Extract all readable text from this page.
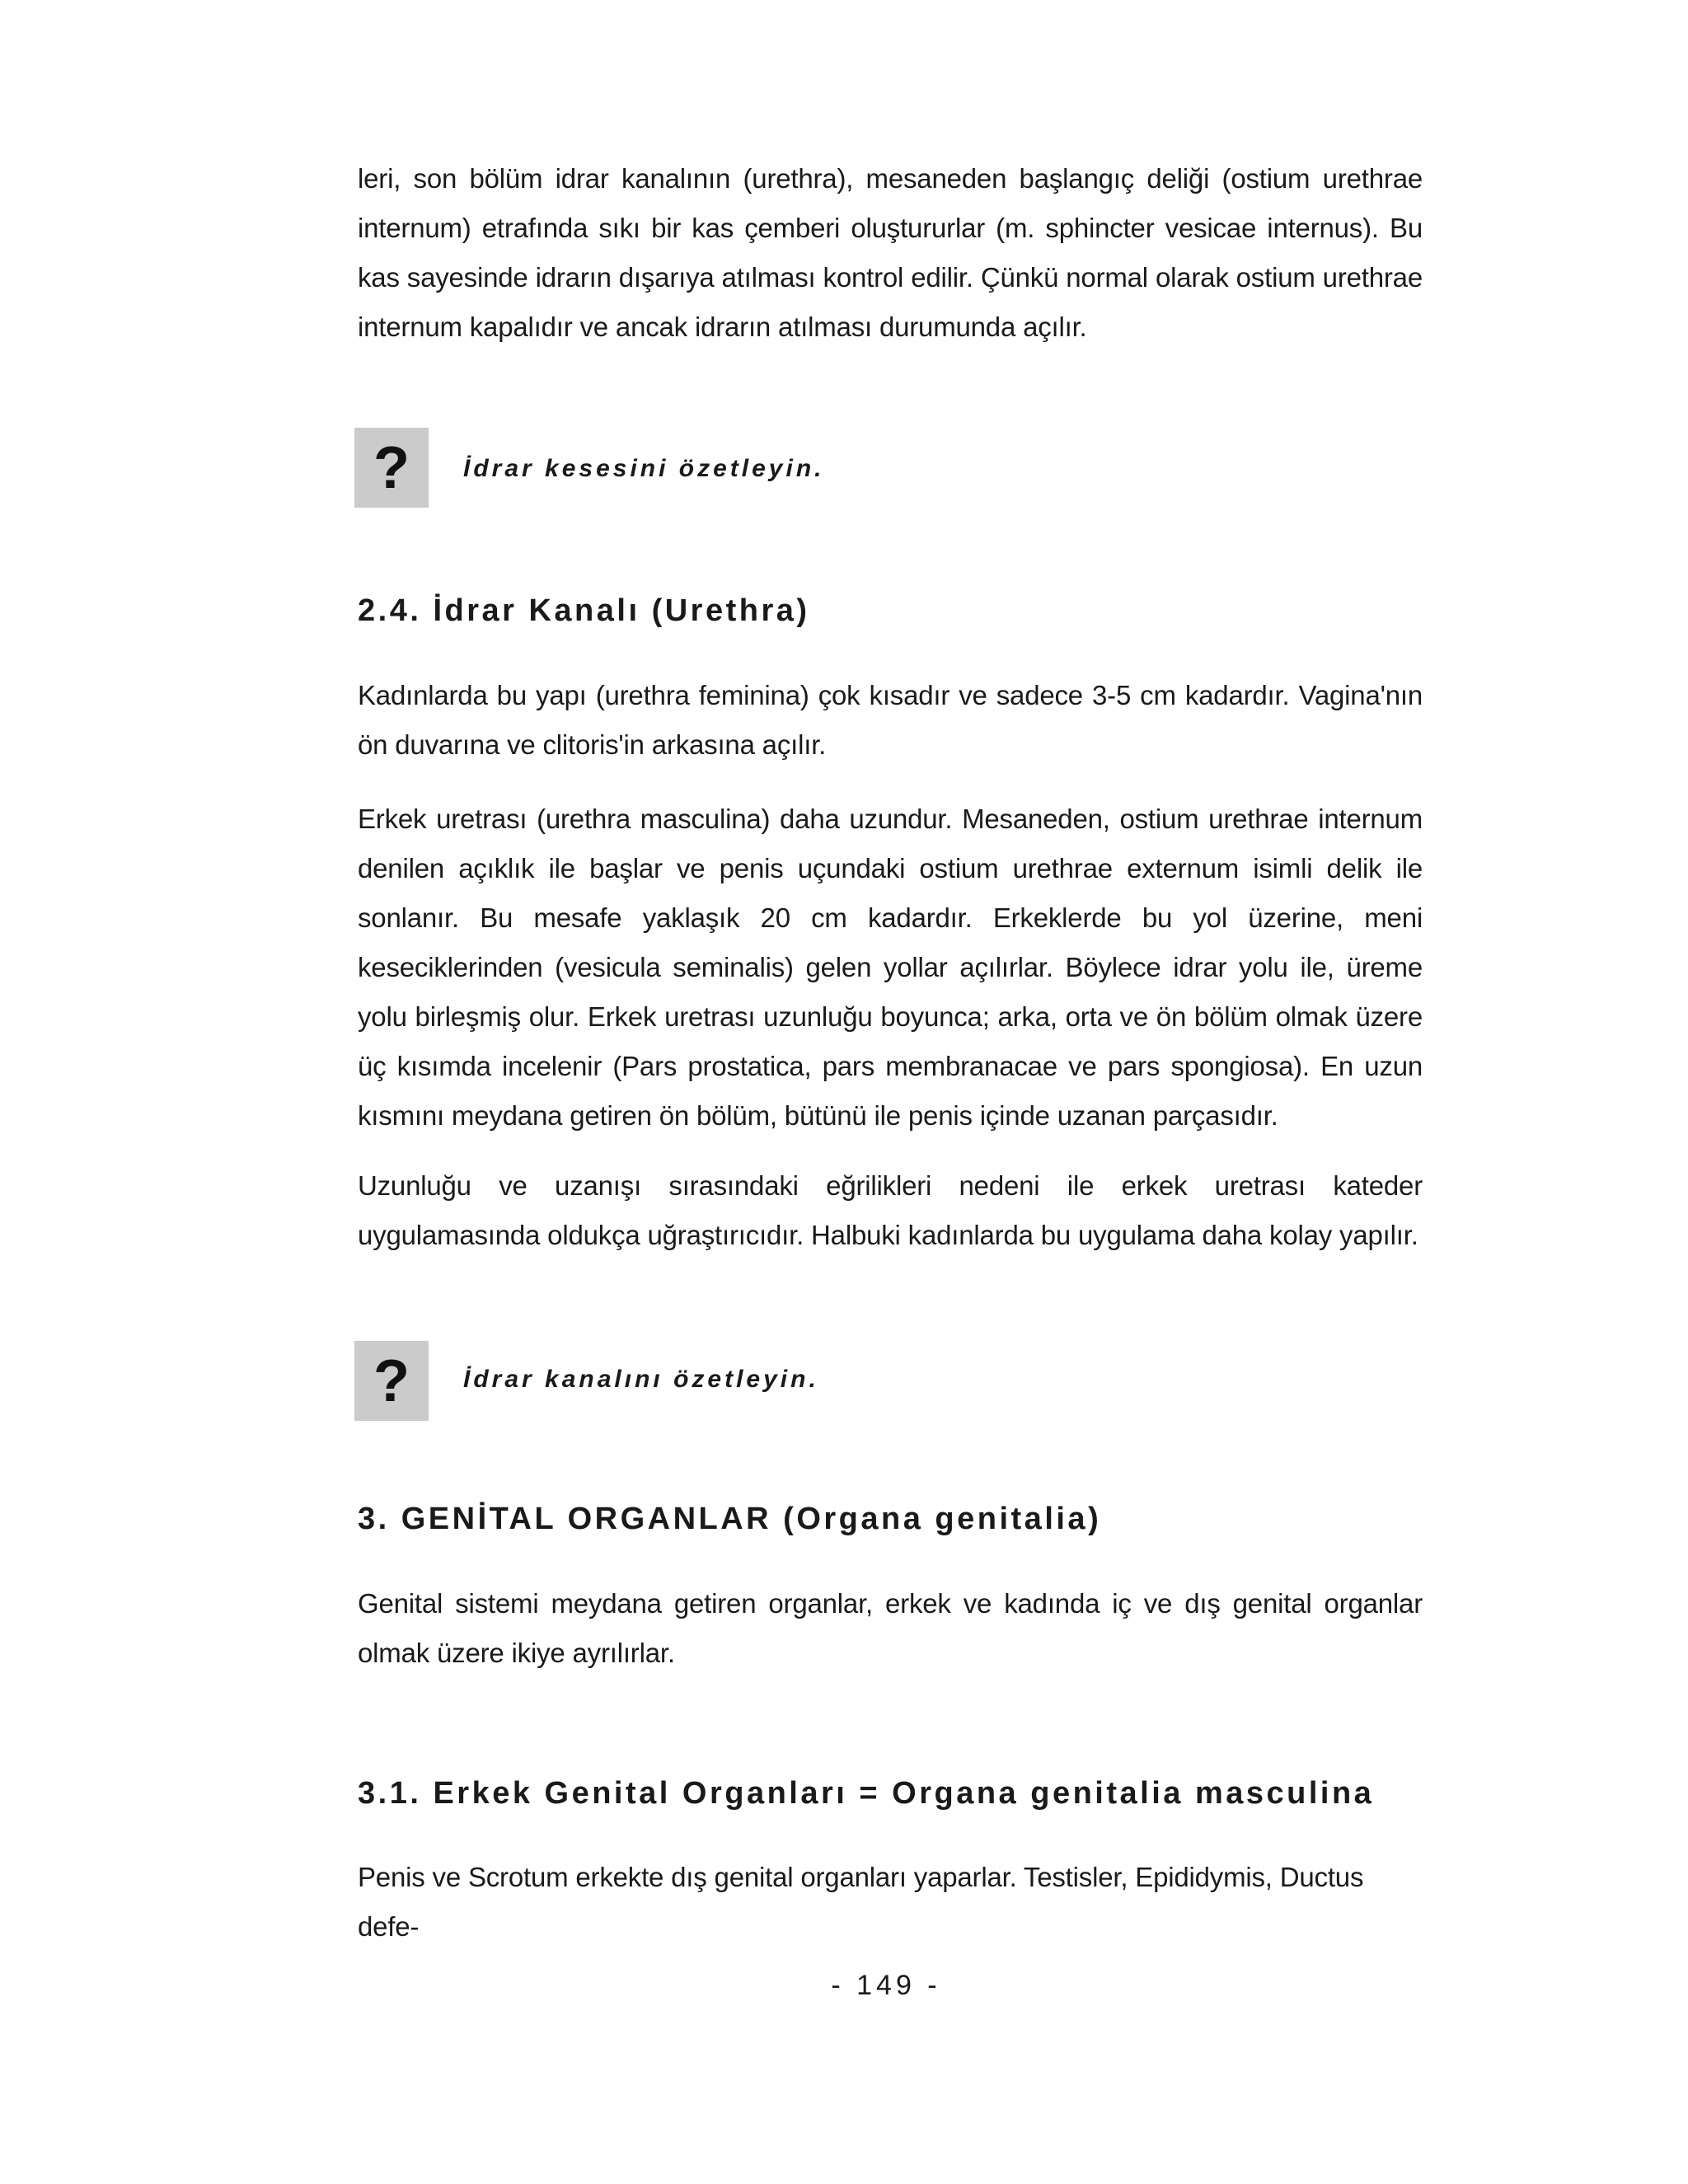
leri, son bölüm idrar kanalının (urethra), mesaneden başlangıç deliği (ostium urethrae internum) etrafında sıkı bir kas çemberi oluştururlar (m. sphincter vesicae internus). Bu kas sayesinde idrarın dışarıya atılması kontrol edilir. Çünkü normal olarak ostium urethrae internum kapalıdır ve ancak idrarın atılması durumunda açılır.

?	İdrar kesesini özetleyin.

2.4. İdrar Kanalı (Urethra)

Kadınlarda bu yapı (urethra feminina) çok kısadır ve sadece 3-5 cm kadardır. Vagina'nın ön duvarına ve clitoris'in arkasına açılır.

Erkek uretrası (urethra masculina) daha uzundur. Mesaneden, ostium urethrae internum denilen açıklık ile başlar ve penis uçundaki ostium urethrae externum isimli delik ile sonlanır. Bu mesafe yaklaşık 20 cm kadardır. Erkeklerde bu yol üzerine, meni keseciklerinden (vesicula seminalis) gelen yollar açılırlar. Böylece idrar yolu ile, üreme yolu birleşmiş olur. Erkek uretrası uzunluğu boyunca; arka, orta ve ön bölüm olmak üzere üç kısımda incelenir (Pars prostatica, pars membranacae ve pars spongiosa). En uzun kısmını meydana getiren ön bölüm, bütünü ile penis içinde uzanan parçasıdır.

Uzunluğu ve uzanışı sırasındaki eğrilikleri nedeni ile erkek uretrası kateder uygulamasında oldukça uğraştırıcıdır. Halbuki kadınlarda bu uygulama daha kolay yapılır.

?	İdrar kanalını özetleyin.

3. GENİTAL ORGANLAR (Organa genitalia)

Genital sistemi meydana getiren organlar, erkek ve kadında iç ve dış genital organlar olmak üzere ikiye ayrılırlar.

3.1. Erkek Genital Organları = Organa genitalia masculina

Penis ve Scrotum erkekte dış genital organları yaparlar. Testisler, Epididymis, Ductus defe-

- 149 -
